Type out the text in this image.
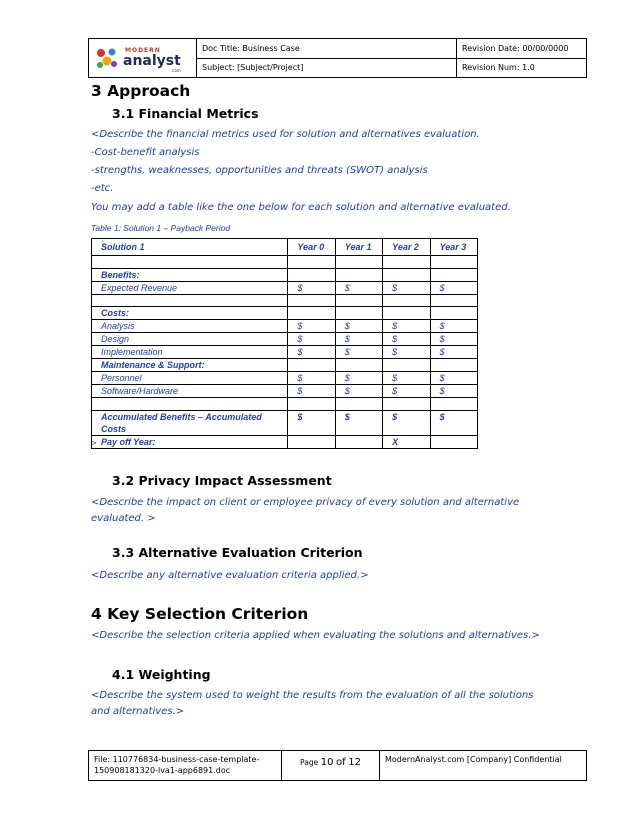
MODERN
analyst
.com	Doc Title: Business Case	Revision Date: 00/00/0000
	Subject: [Subject/Project]	Revision Num: 1.0
3 Approach
3.1 Financial Metrics
<Describe the financial metrics used for solution and alternatives evaluation.
-Cost-benefit analysis
-strengths, weaknesses, opportunities and threats (SWOT) analysis
-etc.
You may add a table like the one below for each solution and alternative evaluated.
Table 1: Solution 1 – Payback Period
Solution 1	Year 0	Year 1	Year 2	Year 3

Benefits:				
Expected Revenue	$	$	$	$

Costs:				
Analysis	$	$	$	$
Design	$	$	$	$
Implementation	$	$	$	$
Maintenance & Support:				
Personnel	$	$	$	$
Software/Hardware	$	$	$	$

Accumulated Benefits – Accumulated Costs	$	$	$	$
Pay off Year:			X	
>
3.2 Privacy Impact Assessment
<Describe the impact on client or employee privacy of every solution and alternative
evaluated. >
3.3 Alternative Evaluation Criterion
<Describe any alternative evaluation criteria applied.>
4 Key Selection Criterion
<Describe the selection criteria applied when evaluating the solutions and alternatives.>
4.1 Weighting
<Describe the system used to weight the results from the evaluation of all the solutions
and alternatives.>
File: 110776834-business-case-template-150908181320-lva1-app6891.doc	Page 10 of 12	ModernAnalyst.com [Company] Confidential
